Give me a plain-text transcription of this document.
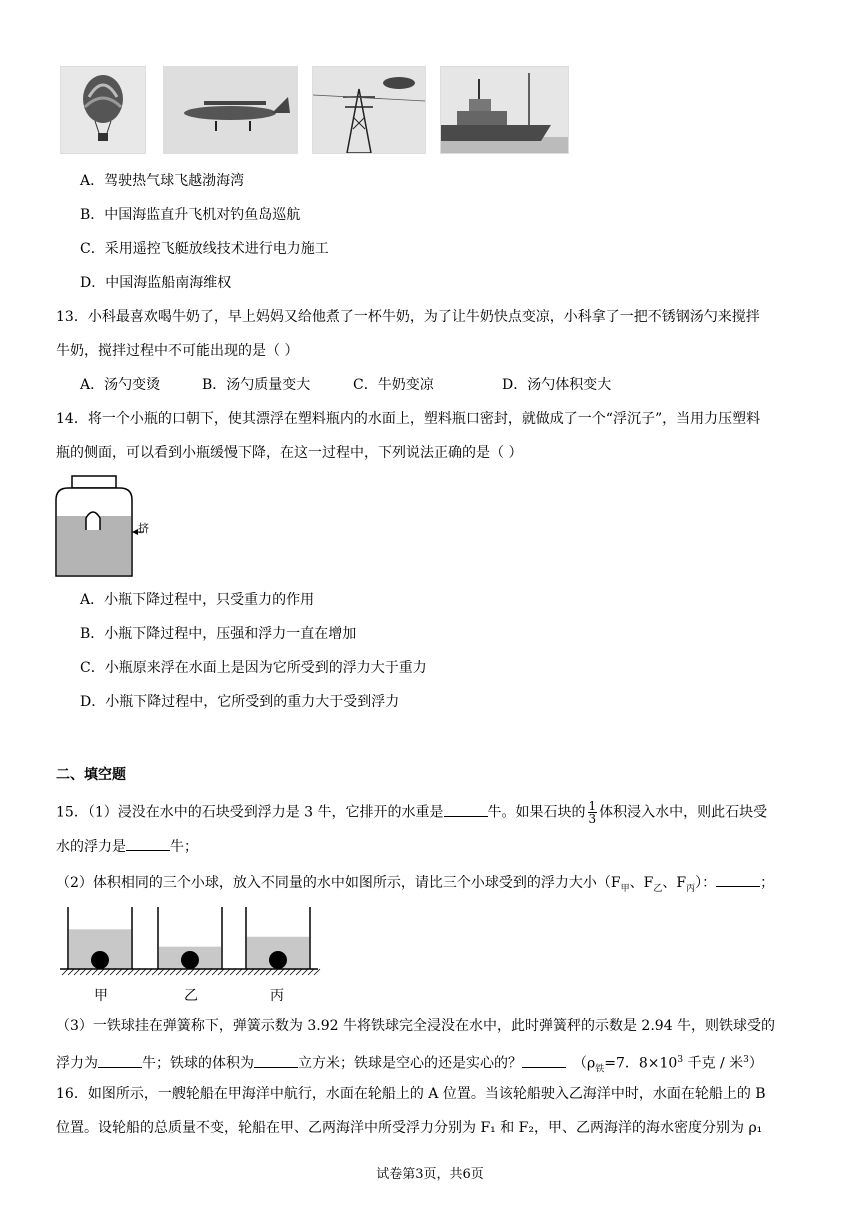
A．驾驶热气球飞越渤海湾
B．中国海监直升飞机对钓鱼岛巡航
C．采用遥控飞艇放线技术进行电力施工
D．中国海监船南海维权
13．小科最喜欢喝牛奶了，早上妈妈又给他煮了一杯牛奶，为了让牛奶快点变凉，小科拿了一把不锈钢汤勺来搅拌
牛奶，搅拌过程中不可能出现的是（ ）
A．汤勺变烫	B．汤勺质量变大	C．牛奶变凉	D．汤勺体积变大
14．将一个小瓶的口朝下，使其漂浮在塑料瓶内的水面上，塑料瓶口密封，就做成了一个“浮沉子”，当用力压塑料
瓶的侧面，可以看到小瓶缓慢下降，在这一过程中，下列说法正确的是（ ）
挤
A．小瓶下降过程中，只受重力的作用
B．小瓶下降过程中，压强和浮力一直在增加
C．小瓶原来浮在水面上是因为它所受到的浮力大于重力
D．小瓶下降过程中，它所受到的重力大于受到浮力
二、填空题
15．（1）浸没在水中的石块受到浮力是 3 牛，它排开的水重是	牛。如果石块的 $\frac{1}{3}$ 体积浸入水中，则此石块受
水的浮力是	牛；
（2）体积相同的三个小球，放入不同量的水中如图所示，请比三个小球受到的浮力大小（$F_甲$、$F_乙$、$F_丙$）：	；
甲	乙	丙
（3）一铁球挂在弹簧称下，弹簧示数为 3.92 牛将铁球完全浸没在水中，此时弹簧秤的示数是 2.94 牛，则铁球受的
浮力为	牛；铁球的体积为	立方米；铁球是空心的还是实心的？　	（$\rho_铁=7$．$8\times 10^3$ 千克 / 米$^3$）
16．如图所示，一艘轮船在甲海洋中航行，水面在轮船上的 A 位置。当该轮船驶入乙海洋中时，水面在轮船上的 B
位置。设轮船的总质量不变，轮船在甲、乙两海洋中所受浮力分别为 F₁ 和 F₂，甲、乙两海洋的海水密度分别为 ρ₁
试卷第3页，共6页
